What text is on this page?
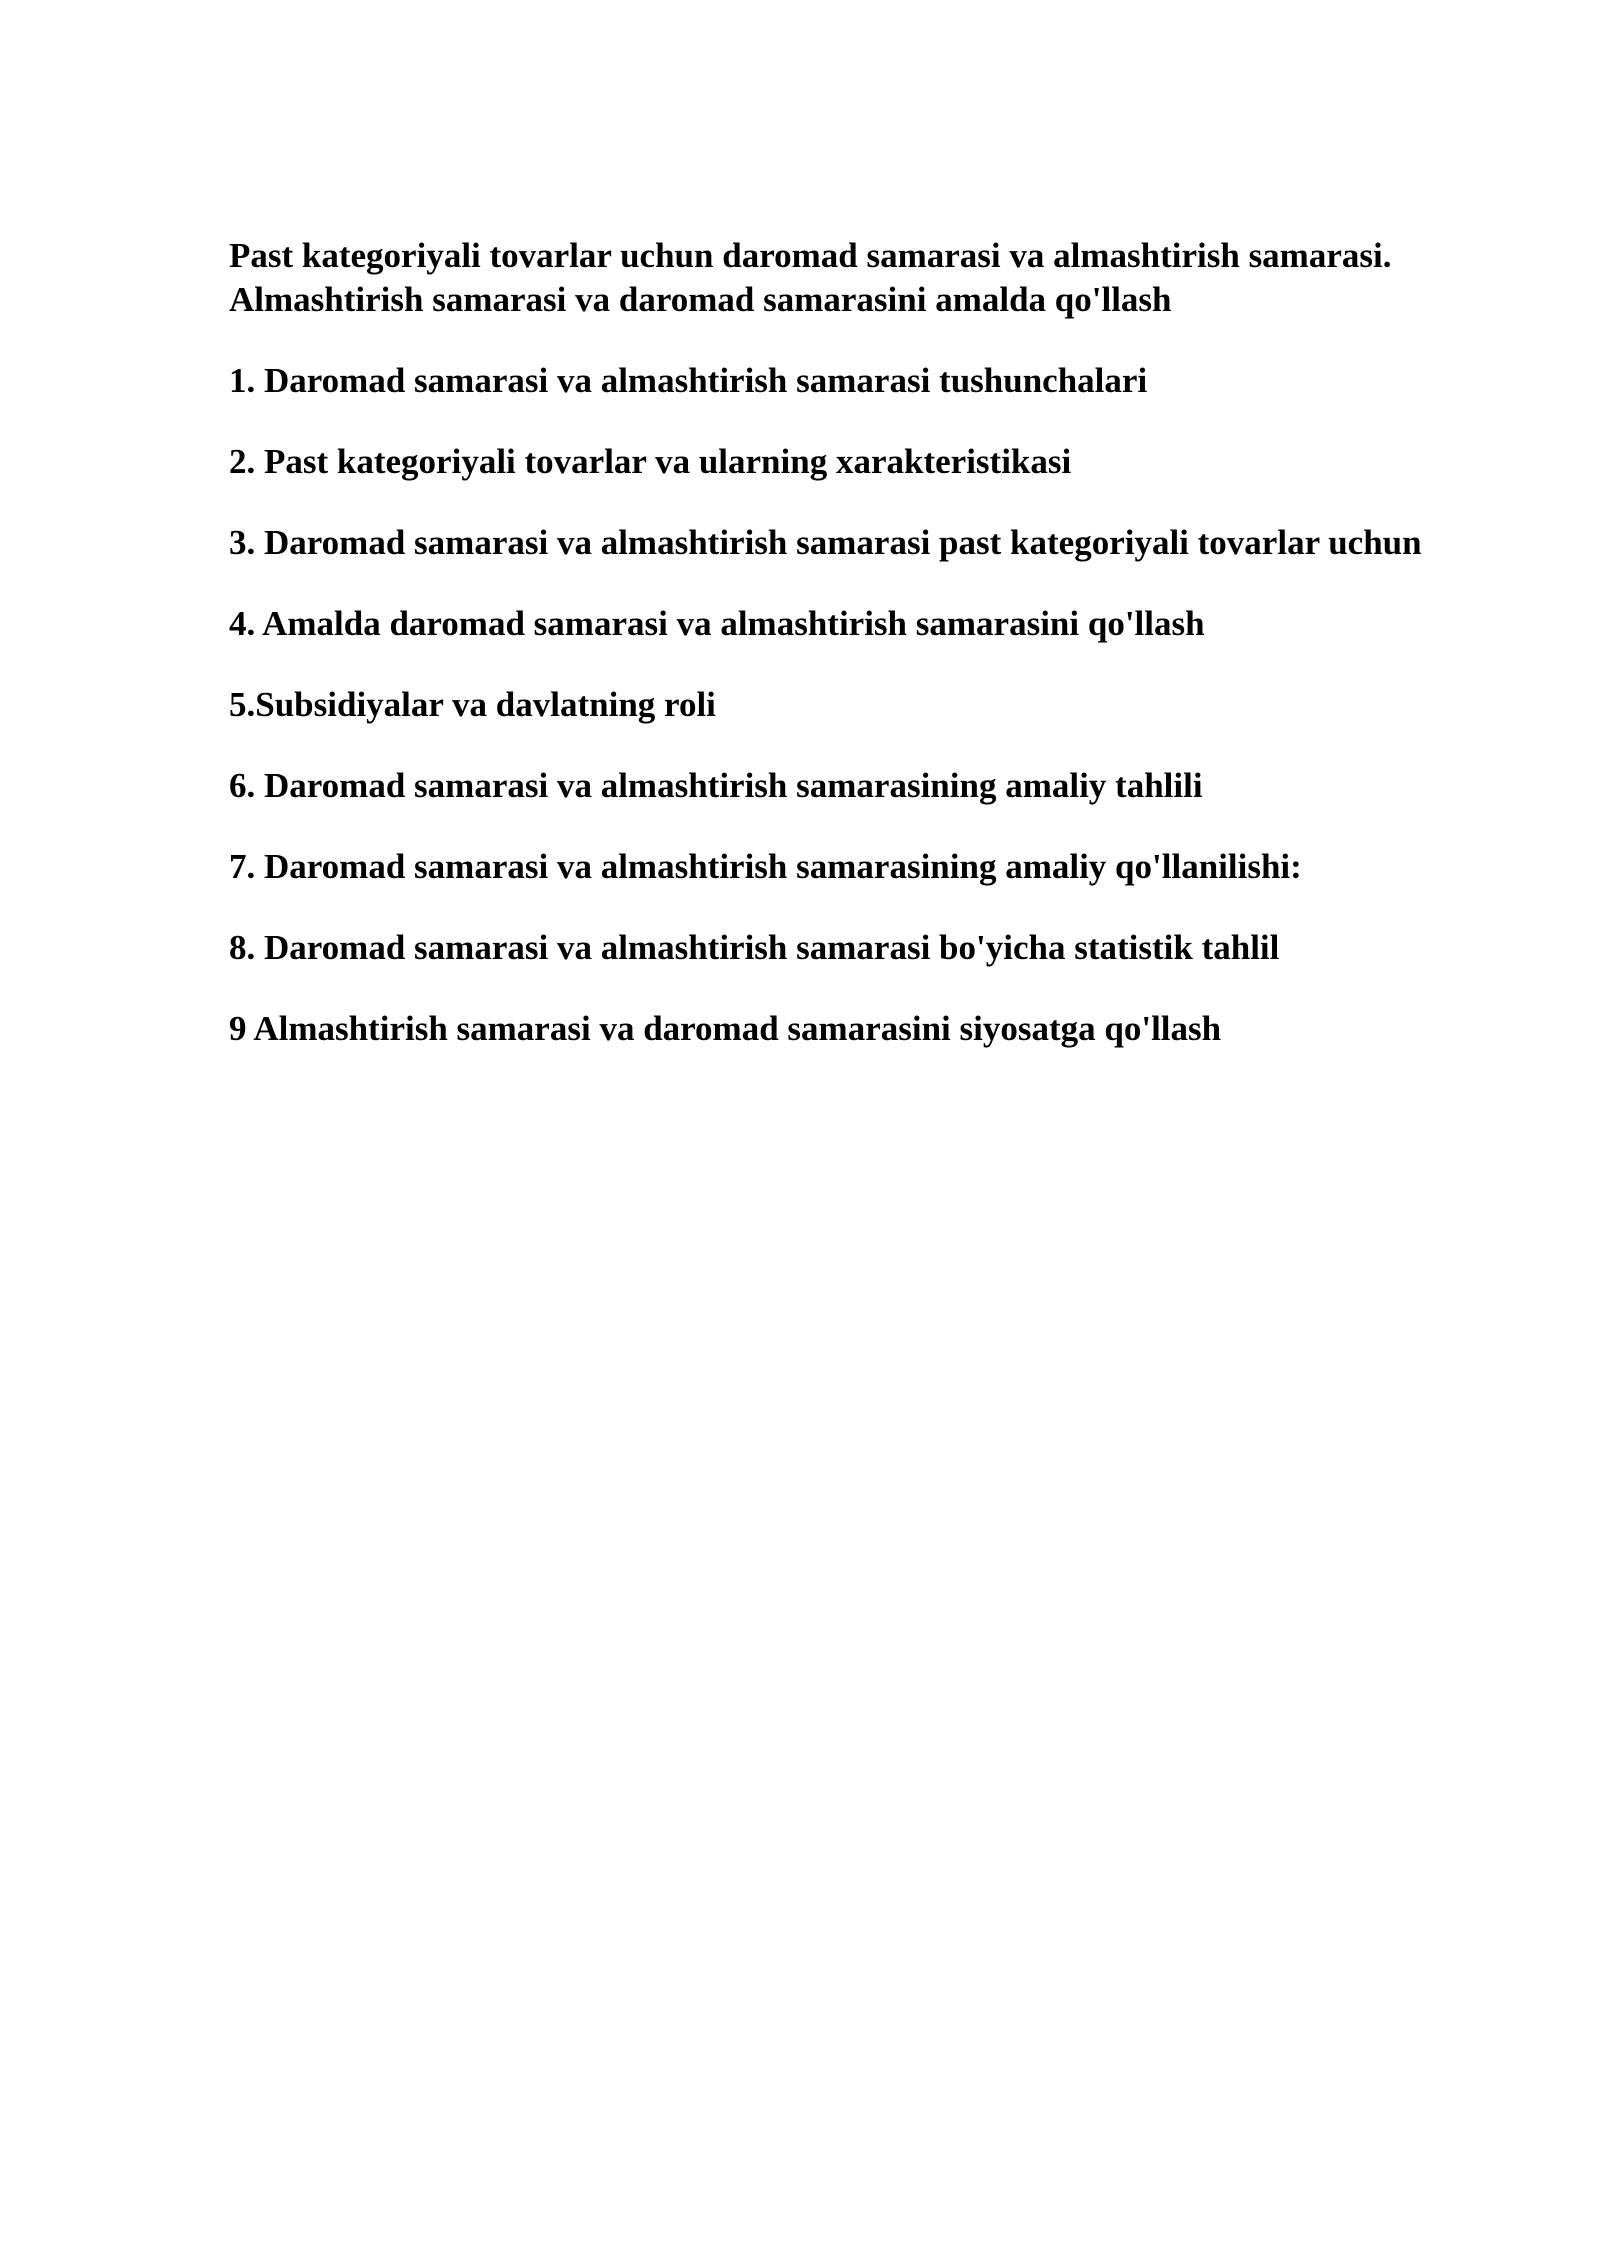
Past kategoriyali tovarlar uchun daromad samarasi va almashtirish samarasi.
Almashtirish samarasi va daromad samarasini amalda qo'llash
1. Daromad samarasi va almashtirish samarasi tushunchalari
2. Past kategoriyali tovarlar va ularning xarakteristikasi
3. Daromad samarasi va almashtirish samarasi past kategoriyali tovarlar uchun
4. Amalda daromad samarasi va almashtirish samarasini qo'llash
5.Subsidiyalar va davlatning roli
6. Daromad samarasi va almashtirish samarasining amaliy tahlili
7. Daromad samarasi va almashtirish samarasining amaliy qo'llanilishi:
8. Daromad samarasi va almashtirish samarasi bo'yicha statistik tahlil
9 Almashtirish samarasi va daromad samarasini siyosatga qo'llash
